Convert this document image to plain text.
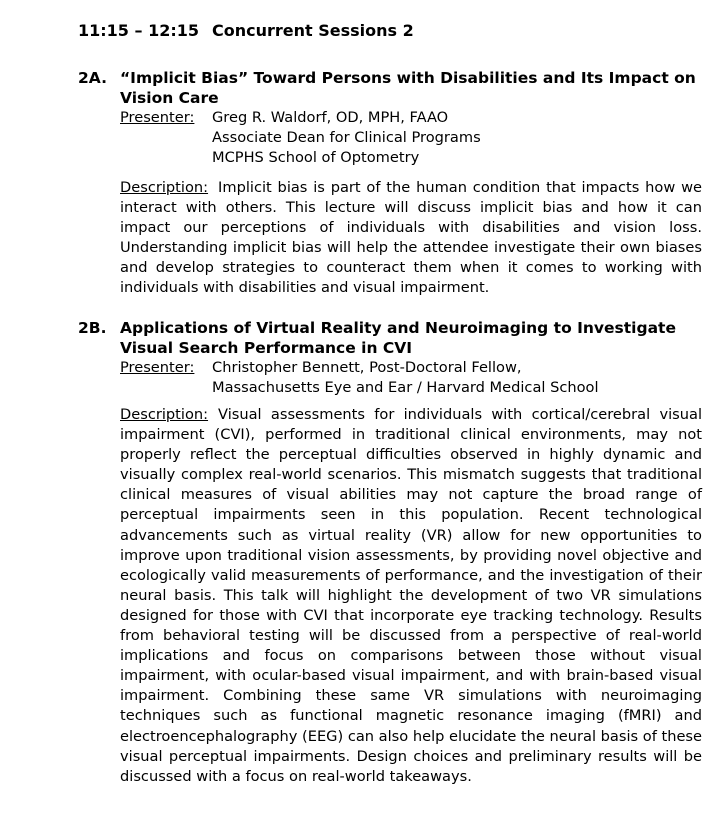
11:15 – 12:15 Concurrent Sessions 2
2A. “Implicit Bias” Toward Persons with Disabilities and Its Impact on Vision Care

Presenter:	Greg R. Waldorf, OD, MPH, FAAO
Associate Dean for Clinical Programs
MCPHS School of Optometry

Description: Implicit bias is part of the human condition that impacts how we interact with others. This lecture will discuss implicit bias and how it can impact our perceptions of individuals with disabilities and vision loss. Understanding implicit bias will help the attendee investigate their own biases and develop strategies to counteract them when it comes to working with individuals with disabilities and visual impairment.

2B. Applications of Virtual Reality and Neuroimaging to Investigate Visual Search Performance in CVI

Presenter:	Christopher Bennett, Post-Doctoral Fellow,
Massachusetts Eye and Ear / Harvard Medical School

Description: Visual assessments for individuals with cortical/cerebral visual impairment (CVI), performed in traditional clinical environments, may not properly reflect the perceptual difficulties observed in highly dynamic and visually complex real-world scenarios. This mismatch suggests that traditional clinical measures of visual abilities may not capture the broad range of perceptual impairments seen in this population. Recent technological advancements such as virtual reality (VR) allow for new opportunities to improve upon traditional vision assessments, by providing novel objective and ecologically valid measurements of performance, and the investigation of their neural basis. This talk will highlight the development of two VR simulations designed for those with CVI that incorporate eye tracking technology. Results from behavioral testing will be discussed from a perspective of real-world implications and focus on comparisons between those without visual impairment, with ocular-based visual impairment, and with brain-based visual impairment. Combining these same VR simulations with neuroimaging techniques such as functional magnetic resonance imaging (fMRI) and electroencephalography (EEG) can also help elucidate the neural basis of these visual perceptual impairments. Design choices and preliminary results will be discussed with a focus on real-world takeaways.
